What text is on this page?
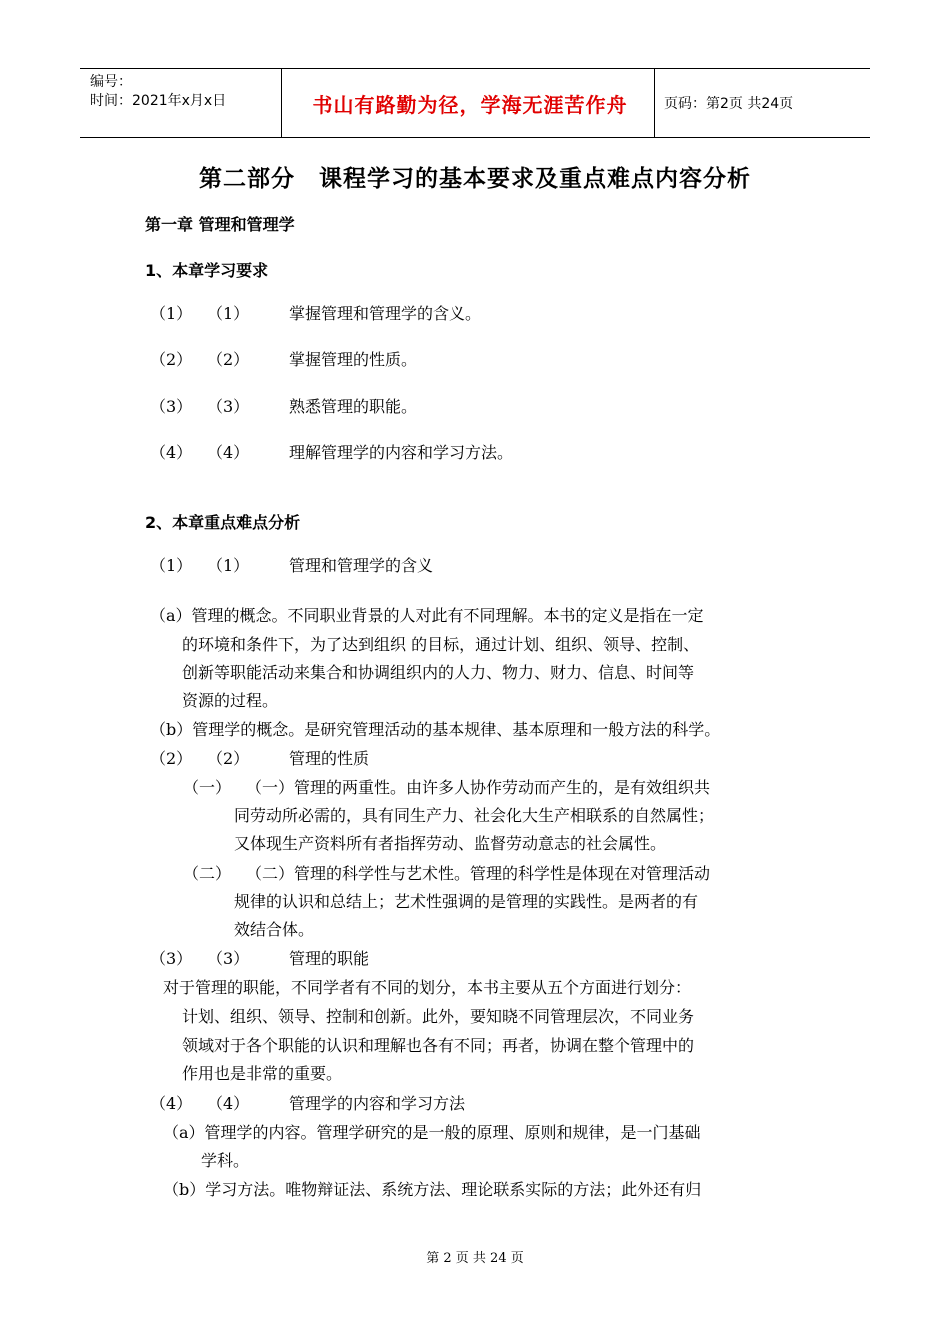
编号：
时间：2021年x月x日	书山有路勤为径，学海无涯苦作舟	页码：第2页 共24页
第二部分　课程学习的基本要求及重点难点内容分析
第一章 管理和管理学
1、本章学习要求
（1） （1） 掌握管理和管理学的含义。
（2） （2） 掌握管理的性质。
（3） （3） 熟悉管理的职能。
（4） （4） 理解管理学的内容和学习方法。
2、本章重点难点分析
（1） （1） 管理和管理学的含义
（a）管理的概念。不同职业背景的人对此有不同理解。本书的定义是指在一定
的环境和条件下，为了达到组织 的目标，通过计划、组织、领导、控制、
创新等职能活动来集合和协调组织内的人力、物力、财力、信息、时间等
资源的过程。
（b）管理学的概念。是研究管理活动的基本规律、基本原理和一般方法的科学。
（2） （2） 管理的性质
（一） （一）管理的两重性。由许多人协作劳动而产生的，是有效组织共
同劳动所必需的，具有同生产力、社会化大生产相联系的自然属性；
又体现生产资料所有者指挥劳动、监督劳动意志的社会属性。
（二） （二）管理的科学性与艺术性。管理的科学性是体现在对管理活动
规律的认识和总结上；艺术性强调的是管理的实践性。是两者的有
效结合体。
（3） （3） 管理的职能
对于管理的职能，不同学者有不同的划分，本书主要从五个方面进行划分：
计划、组织、领导、控制和创新。此外，要知晓不同管理层次，不同业务
领域对于各个职能的认识和理解也各有不同；再者，协调在整个管理中的
作用也是非常的重要。
（4） （4） 管理学的内容和学习方法
（a）管理学的内容。管理学研究的是一般的原理、原则和规律，是一门基础
学科。
（b）学习方法。唯物辩证法、系统方法、理论联系实际的方法；此外还有归
第 2 页 共 24 页
